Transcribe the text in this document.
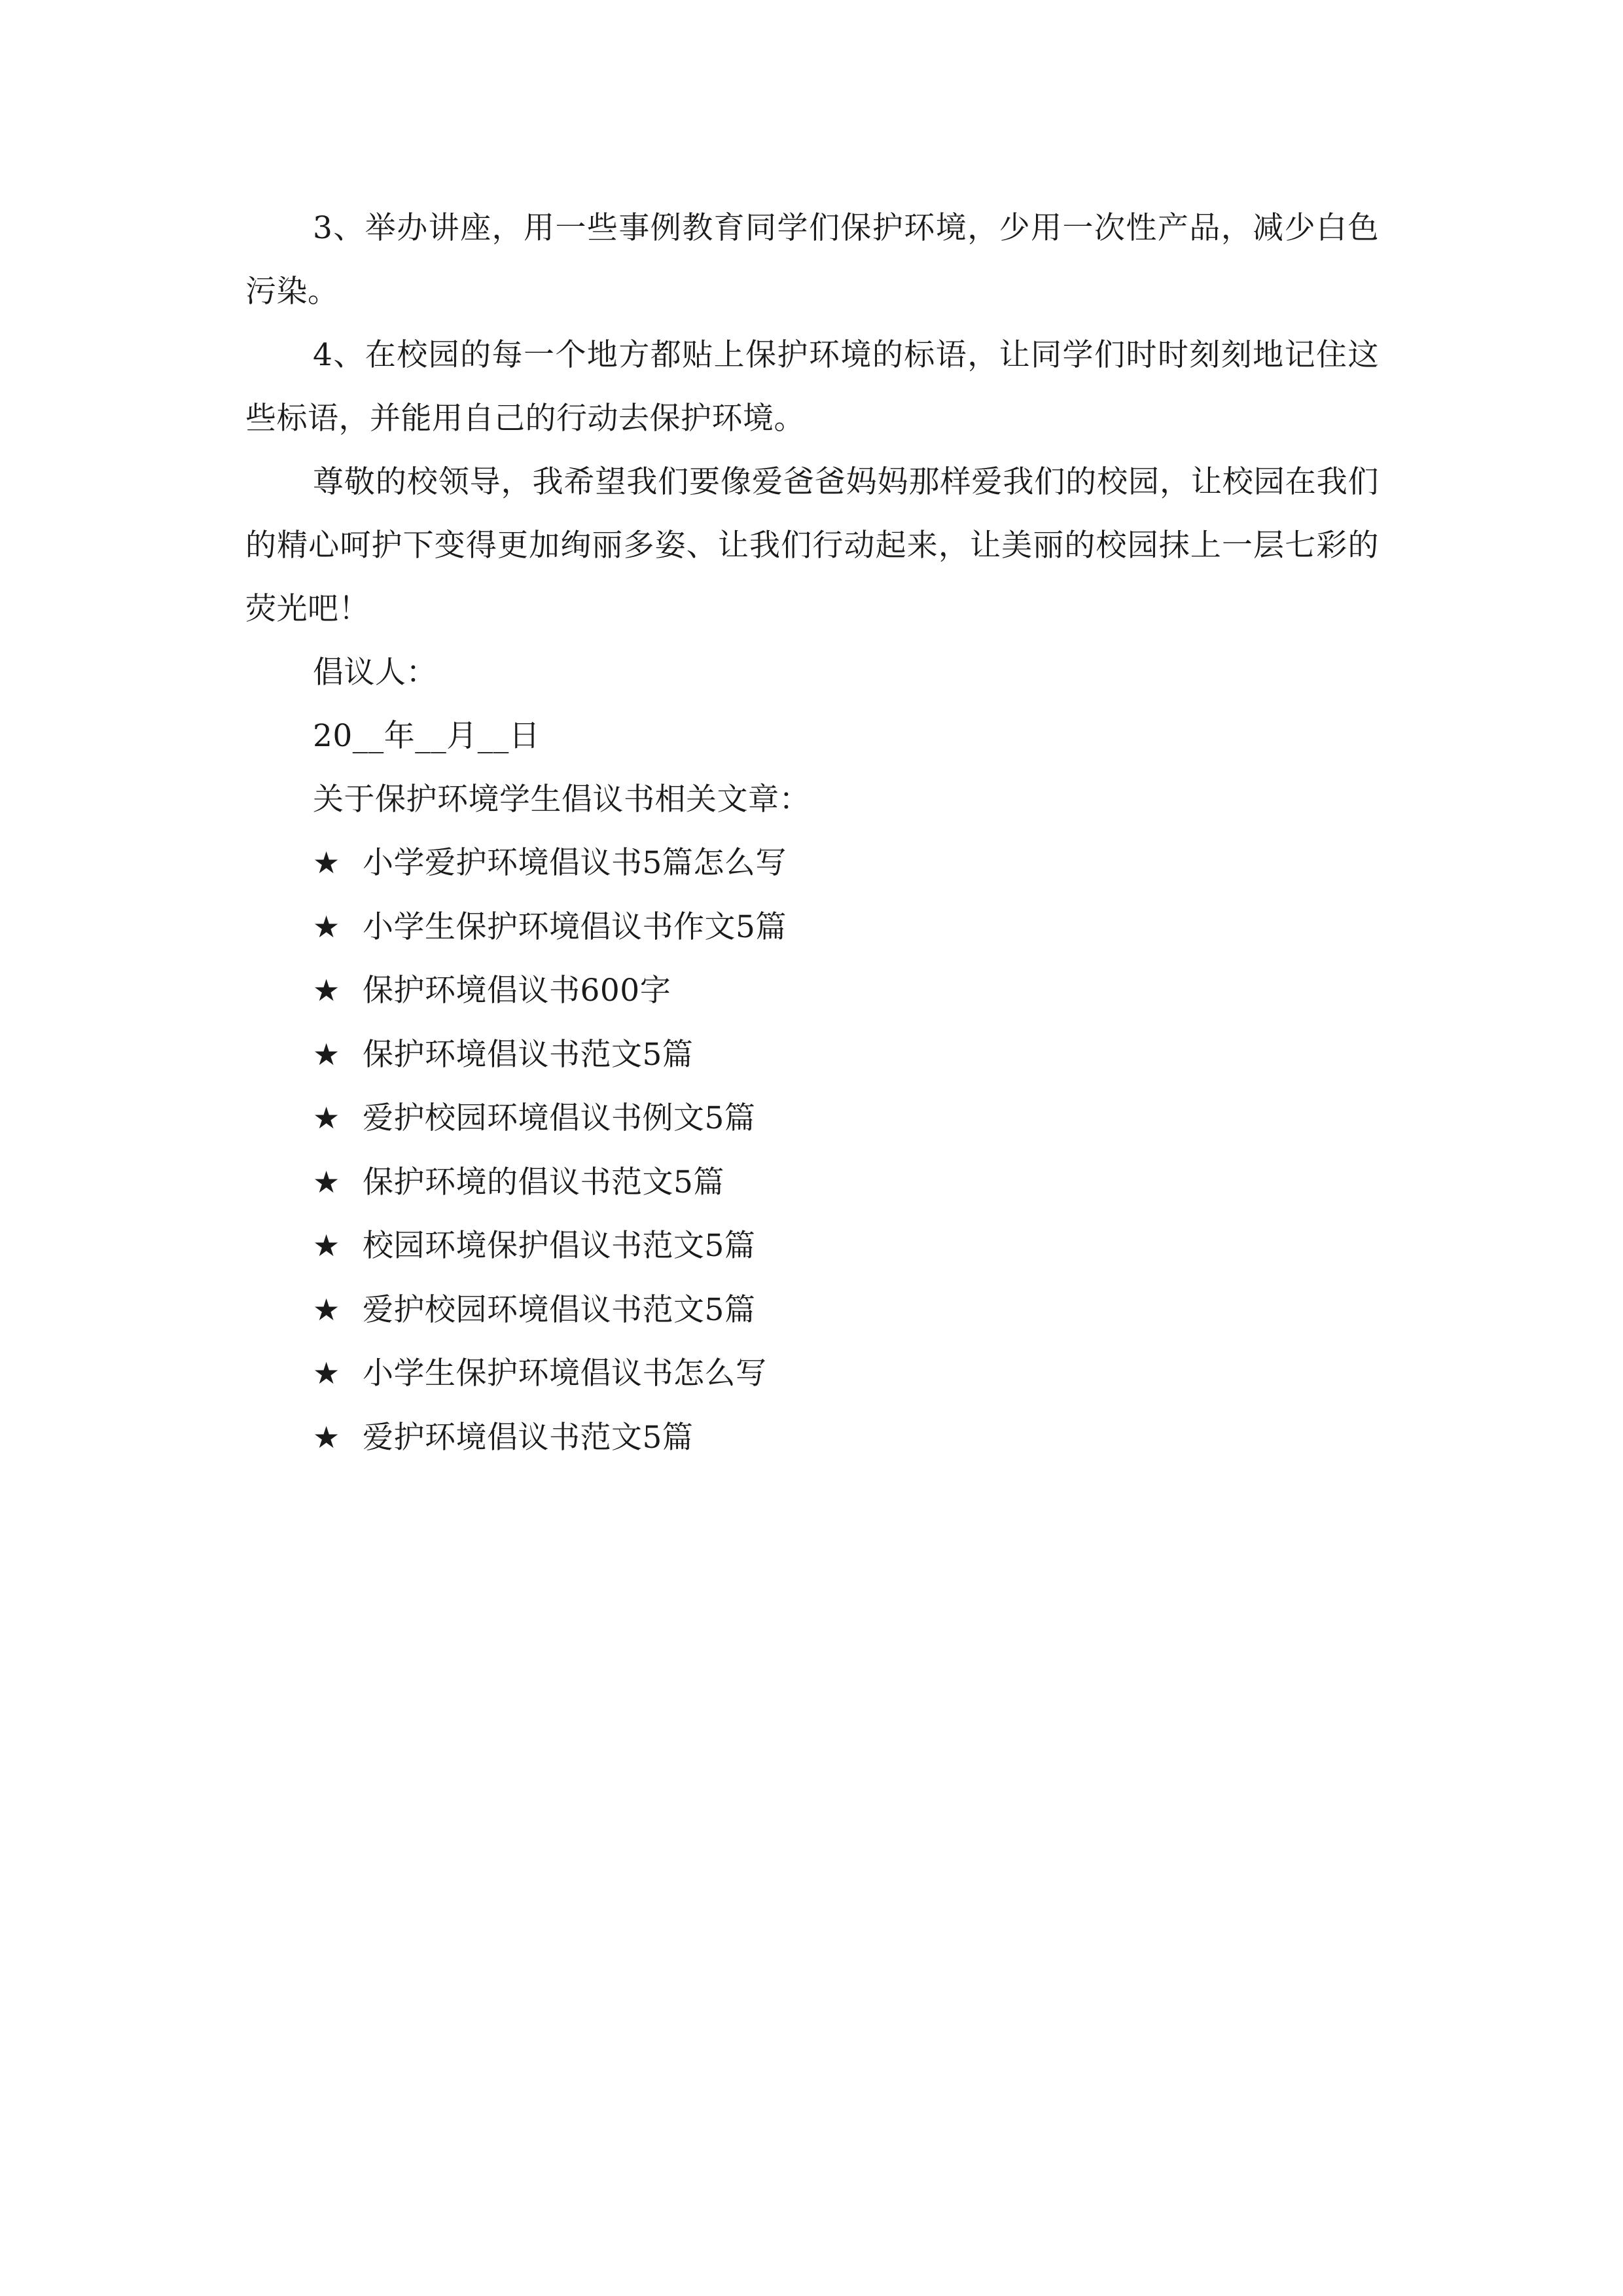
3、举办讲座，用一些事例教育同学们保护环境，少用一次性产品，减少白色污染。

4、在校园的每一个地方都贴上保护环境的标语，让同学们时时刻刻地记住这些标语，并能用自己的行动去保护环境。

尊敬的校领导，我希望我们要像爱爸爸妈妈那样爱我们的校园，让校园在我们的精心呵护下变得更加绚丽多姿、让我们行动起来，让美丽的校园抹上一层七彩的荧光吧！

倡议人：

20__年__月__日

关于保护环境学生倡议书相关文章：

★ 小学爱护环境倡议书5篇怎么写
★ 小学生保护环境倡议书作文5篇
★ 保护环境倡议书600字
★ 保护环境倡议书范文5篇
★ 爱护校园环境倡议书例文5篇
★ 保护环境的倡议书范文5篇
★ 校园环境保护倡议书范文5篇
★ 爱护校园环境倡议书范文5篇
★ 小学生保护环境倡议书怎么写
★ 爱护环境倡议书范文5篇
